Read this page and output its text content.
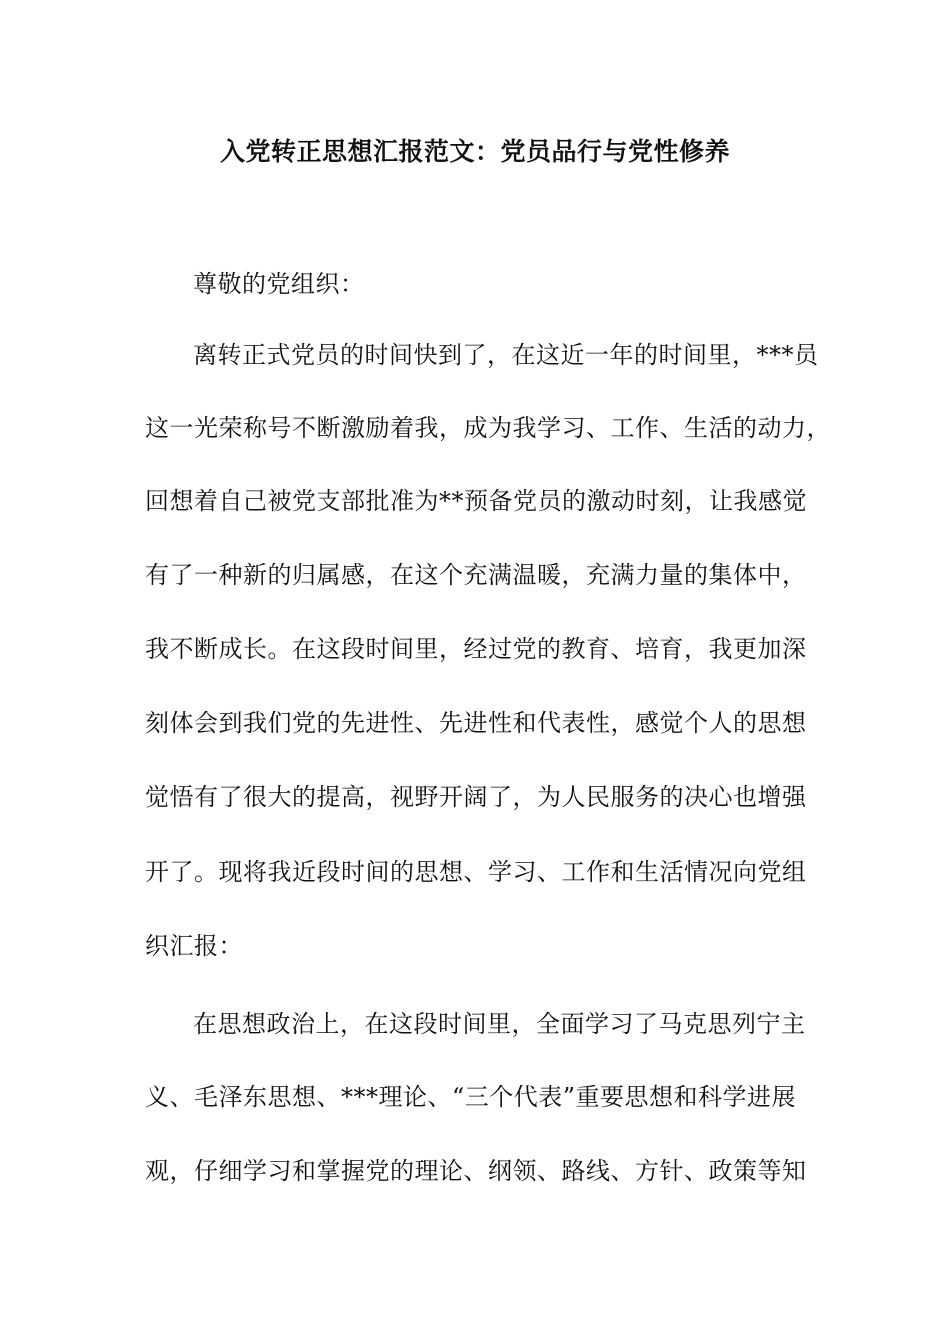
入党转正思想汇报范文：党员品行与党性修养
尊敬的党组织：
离转正式党员的时间快到了，在这近一年的时间里，***员
这一光荣称号不断激励着我，成为我学习、工作、生活的动力，
回想着自己被党支部批准为**预备党员的激动时刻，让我感觉
有了一种新的归属感，在这个充满温暖，充满力量的集体中，
我不断成长。在这段时间里，经过党的教育、培育，我更加深
刻体会到我们党的先进性、先进性和代表性，感觉个人的思想
觉悟有了很大的提高，视野开阔了，为人民服务的决心也增强
开了。现将我近段时间的思想、学习、工作和生活情况向党组
织汇报：
在思想政治上，在这段时间里，全面学习了马克思列宁主
义、毛泽东思想、***理论、“三个代表”重要思想和科学进展
观，仔细学习和掌握党的理论、纲领、路线、方针、政策等知
